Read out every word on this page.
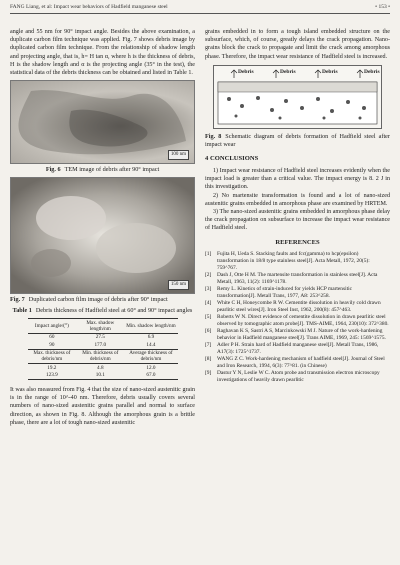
FANG Liang, et al: Impact wear behaviors of Hadfield manganese steel	• 153 •

angle and 55 nm for 90° impact angle. Besides the above examination, a duplicate carbon film technique was applied. Fig. 7 shows debris image by duplicated carbon film technique. From the relationship of shadow length and projecting angle, that is, h= H tan α, where h is the thickness of debris, H is the shadow length and α is the projecting angle (35° in the test), the statistical data of the debris thickness can be obtained and listed in Table 1.

100 nm
Fig. 6 TEM image of debris after 90° impact
150 nm
Fig. 7 Duplicated carbon film image of debris after 90° impact
Table 1 Debris thickness of Hadfield steel at 60° and 90° impact angles
Impact angle/(°)	Max. shadow length/nm	Min. shadow length/nm
60	27.5	6.9
90	177.0	14.4
Max. thickness of debris/nm	Min. thickness of debris/nm	Average thickness of debris/nm
19.2	4.8	12.0
123.9	10.1	67.0

It was also measured from Fig. 4 that the size of nano-sized austenitic grain is in the range of 10^-40 nm. Therefore, debris usually covers several numbers of nano-sized austenitic grains parallel and normal to surface direction, as shown in Fig. 8. Although the amorphous grain is a brittle phase, there are a lot of tough nano-sized austenitic

grains embedded in to form a tough island embedded structure on the subsurface, which, of course, greatly delays the crack propagation. Nano-grains block the crack to propagate and limit the crack among amorphous phase. Therefore, the impact wear resistance of Hadfield steel is increased.

Debris	Debris	Debris	Debris
Fig. 8 Schematic diagram of debris formation of Hadfield steel after impact wear
4 CONCLUSIONS

1) Impact wear resistance of Hadfield steel increases evidently when the impact load is greater than a critical value. The impact energy is 8. 2 J in this investigation.

2) No martensite transformation is found and a lot of nano-sized austenitic grains embedded in amorphous phase are examined by HRTEM.

3) The nano-sized austenitic grains embedded in amorphous phase delay the crack propagation on subsurface to increase the impact wear resistance of Hadfield steel.

REFERENCES
[1]	Fujita H, Ueda S. Stacking faults and fcc(gamma) to hcp(epsilon) transformation in 18/8 type stainless steel[J]. Acta Metall, 1972, 20(5): 759^767.
[2]	Dash J, Otte H M. The martensite transformation in stainless steel[J]. Acta Metall, 1963, 11(2): 1169^1178.
[3]	Remy L. Kinetics of strain-induced for yields HCP martensitic transformation[J]. Metall Trans, 1977, A8: 253^258.
[4]	White C H, Honeycombe R W. Cementite dissolution in heavily cold drawn pearlitic steel wires[J]. Iron Steel Inst, 1962, 200(8): 457^463.
[5]	Roberts W N. Direct evidence of cementite dissolution in drawn pearlitic steel observed by tomographic atom probe[J]. TMS-AIME, 1964, 230(10): 372^380.
[6]	Raghavan K S, Sastri A S, Marcinkowski M J. Nature of the work-hardening behavior in Hadfield manganese steel[J]. Trans AIME, 1969, 245: 1569^1575.
[7]	Adler P H. Strain hard of Hadfield manganese steel[J]. Metall Trans, 1986, A17(3): 1725^1737.
[8]	WANG Z C. Work-hardening mechanism of hadfield steel[J]. Journal of Steel and Iron Research, 1994, 6(3): 77^81. (in Chinese)
[9]	Dastur Y N, Leslie W C. Atom probe and transmission electron microscopy investigations of heavily drawn pearlitic
